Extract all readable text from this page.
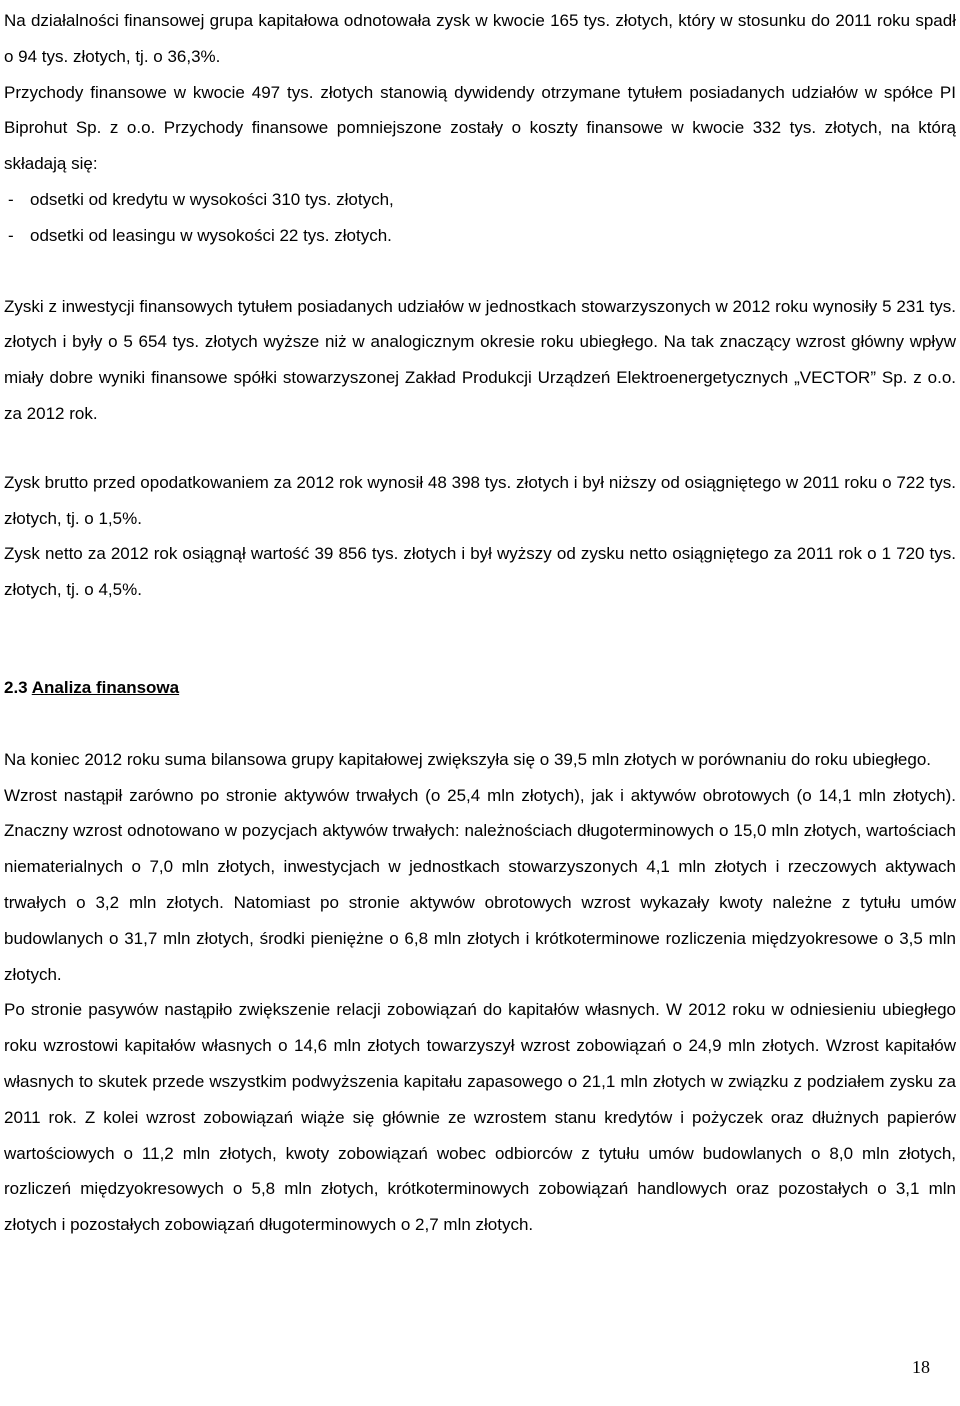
Na działalności finansowej grupa kapitałowa odnotowała zysk w kwocie 165 tys. złotych, który w stosunku do 2011 roku spadł o 94 tys. złotych, tj. o 36,3%.

Przychody finansowe w kwocie 497 tys. złotych stanowią dywidendy otrzymane tytułem posiadanych udziałów w spółce PI Biprohut Sp. z o.o. Przychody finansowe pomniejszone zostały o koszty finansowe w kwocie 332 tys. złotych, na którą składają się:

- odsetki od kredytu w wysokości 310 tys. złotych,
- odsetki od leasingu w wysokości 22 tys. złotych.

Zyski z inwestycji finansowych tytułem posiadanych udziałów w jednostkach stowarzyszonych w 2012 roku wynosiły 5 231 tys. złotych i były o 5 654 tys. złotych wyższe niż w analogicznym okresie roku ubiegłego. Na tak znaczący wzrost główny wpływ miały dobre wyniki finansowe spółki stowarzyszonej Zakład Produkcji Urządzeń Elektroenergetycznych „VECTOR” Sp. z o.o. za 2012 rok.

Zysk brutto przed opodatkowaniem za 2012 rok wynosił 48 398 tys. złotych i był niższy od osiągniętego w 2011 roku o 722 tys. złotych, tj. o 1,5%.

Zysk netto za 2012 rok osiągnął wartość 39 856 tys. złotych i był wyższy od zysku netto osiągniętego za 2011 rok o 1 720 tys. złotych, tj. o 4,5%.

2.3 Analiza finansowa

Na koniec 2012 roku suma bilansowa grupy kapitałowej zwiększyła się o 39,5 mln złotych w porównaniu do roku ubiegłego.

Wzrost nastąpił zarówno po stronie aktywów trwałych (o 25,4 mln złotych), jak i aktywów obrotowych (o 14,1 mln złotych). Znaczny wzrost odnotowano w pozycjach aktywów trwałych: należnościach długoterminowych o 15,0 mln złotych, wartościach niematerialnych o 7,0 mln złotych, inwestycjach w jednostkach stowarzyszonych 4,1 mln złotych i rzeczowych aktywach trwałych o 3,2 mln złotych. Natomiast po stronie aktywów obrotowych wzrost wykazały kwoty należne z tytułu umów budowlanych o 31,7 mln złotych, środki pieniężne o 6,8 mln złotych i krótkoterminowe rozliczenia międzyokresowe o 3,5 mln złotych.

Po stronie pasywów nastąpiło zwiększenie relacji zobowiązań do kapitałów własnych. W 2012 roku w odniesieniu ubiegłego roku wzrostowi kapitałów własnych o 14,6 mln złotych towarzyszył wzrost zobowiązań o 24,9 mln złotych. Wzrost kapitałów własnych to skutek przede wszystkim podwyższenia kapitału zapasowego o 21,1 mln złotych w związku z podziałem zysku za 2011 rok. Z kolei wzrost zobowiązań wiąże się głównie ze wzrostem stanu kredytów i pożyczek oraz dłużnych papierów wartościowych o 11,2 mln złotych, kwoty zobowiązań wobec odbiorców z tytułu umów budowlanych o 8,0 mln złotych, rozliczeń międzyokresowych o 5,8 mln złotych, krótkoterminowych zobowiązań handlowych oraz pozostałych o 3,1 mln złotych i pozostałych zobowiązań długoterminowych o 2,7 mln złotych.

18
